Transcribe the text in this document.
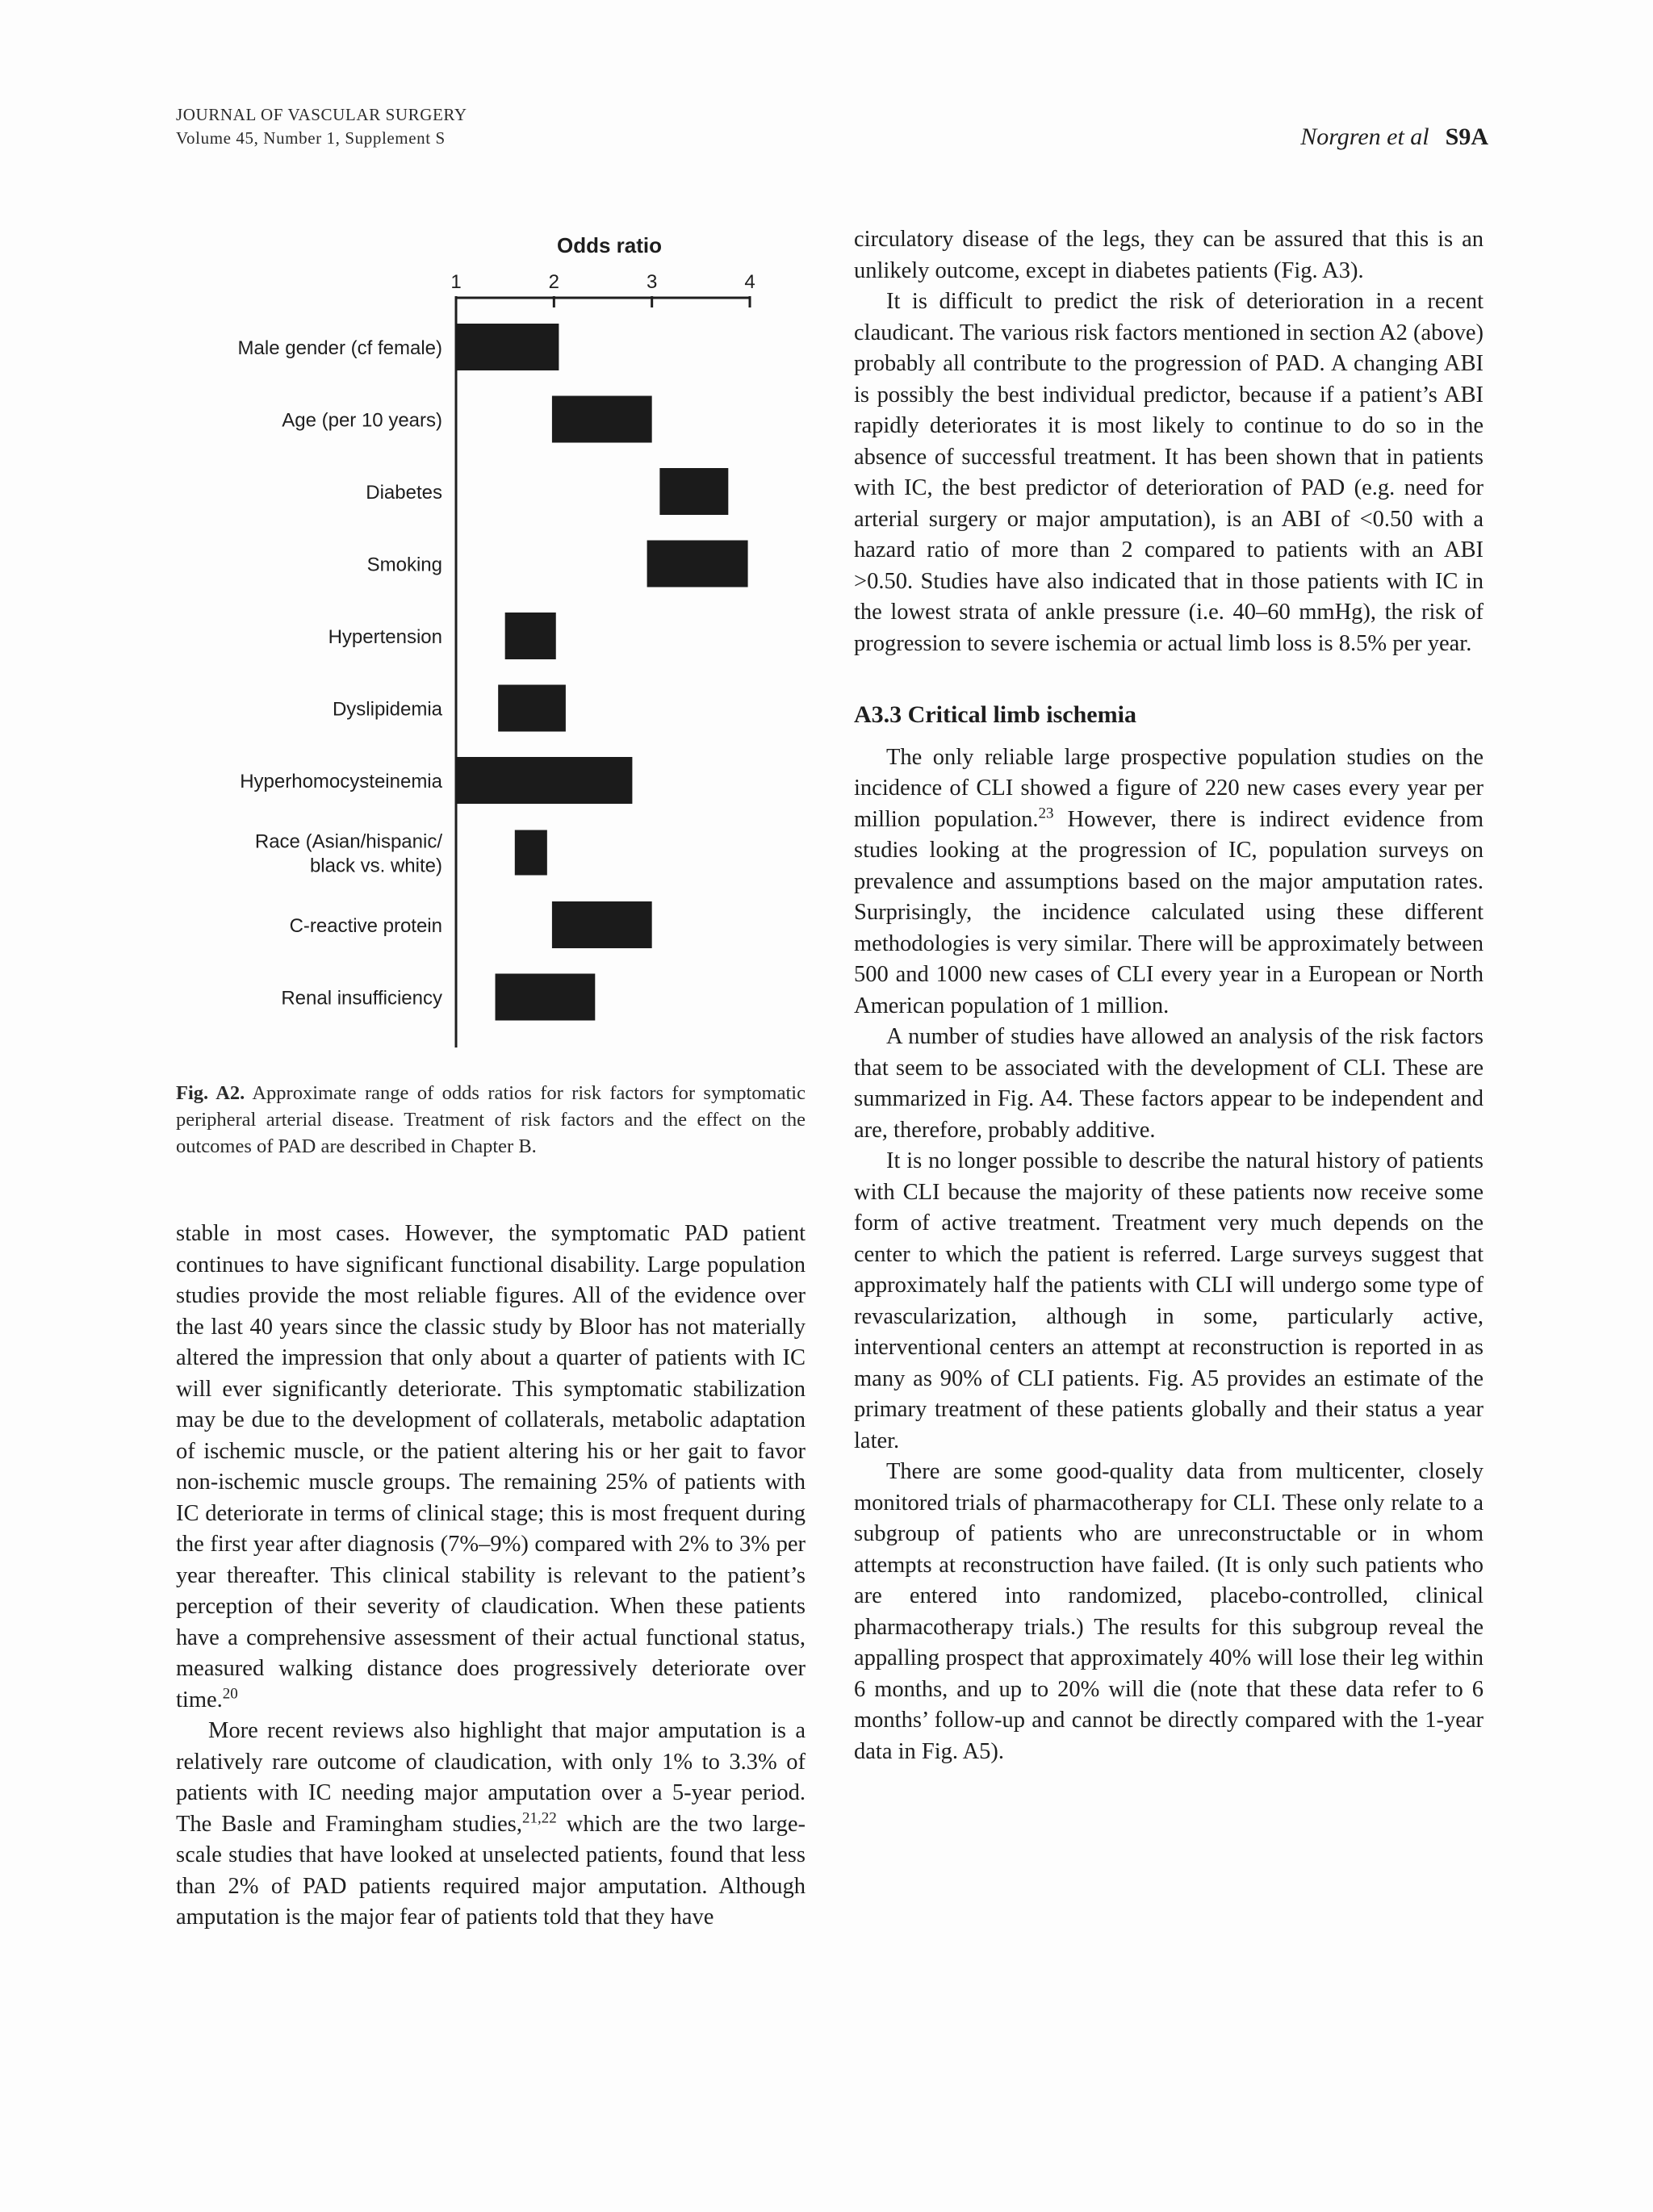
JOURNAL OF VASCULAR SURGERY
Volume 45, Number 1, Supplement S	Norgren et al S9A
Odds ratio
1	2	3	4
Male gender (cf female)
Age (per 10 years)
Diabetes
Smoking
Hypertension
Dyslipidemia
Hyperhomocysteinemia
Race (Asian/hispanic/
black vs. white)
C-reactive protein
Renal insufficiency
Fig. A2. Approximate range of odds ratios for risk factors for symptomatic peripheral arterial disease. Treatment of risk factors and the effect on the outcomes of PAD are described in Chapter B.

stable in most cases. However, the symptomatic PAD patient continues to have significant functional disability. Large population studies provide the most reliable figures. All of the evidence over the last 40 years since the classic study by Bloor has not materially altered the impression that only about a quarter of patients with IC will ever significantly deteriorate. This symptomatic stabilization may be due to the development of collaterals, metabolic adaptation of ischemic muscle, or the patient altering his or her gait to favor non-ischemic muscle groups. The remaining 25% of patients with IC deteriorate in terms of clinical stage; this is most frequent during the first year after diagnosis (7%–9%) compared with 2% to 3% per year thereafter. This clinical stability is relevant to the patient’s perception of their severity of claudication. When these patients have a comprehensive assessment of their actual functional status, measured walking distance does progressively deteriorate over time.$^{20}$

More recent reviews also highlight that major amputation is a relatively rare outcome of claudication, with only 1% to 3.3% of patients with IC needing major amputation over a 5-year period. The Basle and Framingham studies,$^{21,22}$ which are the two large-scale studies that have looked at unselected patients, found that less than 2% of PAD patients required major amputation. Although amputation is the major fear of patients told that they have

circulatory disease of the legs, they can be assured that this is an unlikely outcome, except in diabetes patients (Fig. A3).

It is difficult to predict the risk of deterioration in a recent claudicant. The various risk factors mentioned in section A2 (above) probably all contribute to the progression of PAD. A changing ABI is possibly the best individual predictor, because if a patient’s ABI rapidly deteriorates it is most likely to continue to do so in the absence of successful treatment. It has been shown that in patients with IC, the best predictor of deterioration of PAD (e.g. need for arterial surgery or major amputation), is an ABI of <0.50 with a hazard ratio of more than 2 compared to patients with an ABI >0.50. Studies have also indicated that in those patients with IC in the lowest strata of ankle pressure (i.e. 40–60 mmHg), the risk of progression to severe ischemia or actual limb loss is 8.5% per year.

A3.3 Critical limb ischemia

The only reliable large prospective population studies on the incidence of CLI showed a figure of 220 new cases every year per million population.$^{23}$ However, there is indirect evidence from studies looking at the progression of IC, population surveys on prevalence and assumptions based on the major amputation rates. Surprisingly, the incidence calculated using these different methodologies is very similar. There will be approximately between 500 and 1000 new cases of CLI every year in a European or North American population of 1 million.

A number of studies have allowed an analysis of the risk factors that seem to be associated with the development of CLI. These are summarized in Fig. A4. These factors appear to be independent and are, therefore, probably additive.

It is no longer possible to describe the natural history of patients with CLI because the majority of these patients now receive some form of active treatment. Treatment very much depends on the center to which the patient is referred. Large surveys suggest that approximately half the patients with CLI will undergo some type of revascularization, although in some, particularly active, interventional centers an attempt at reconstruction is reported in as many as 90% of CLI patients. Fig. A5 provides an estimate of the primary treatment of these patients globally and their status a year later.

There are some good-quality data from multicenter, closely monitored trials of pharmacotherapy for CLI. These only relate to a subgroup of patients who are unreconstructable or in whom attempts at reconstruction have failed. (It is only such patients who are entered into randomized, placebo-controlled, clinical pharmacotherapy trials.) The results for this subgroup reveal the appalling prospect that approximately 40% will lose their leg within 6 months, and up to 20% will die (note that these data refer to 6 months’ follow-up and cannot be directly compared with the 1-year data in Fig. A5).
